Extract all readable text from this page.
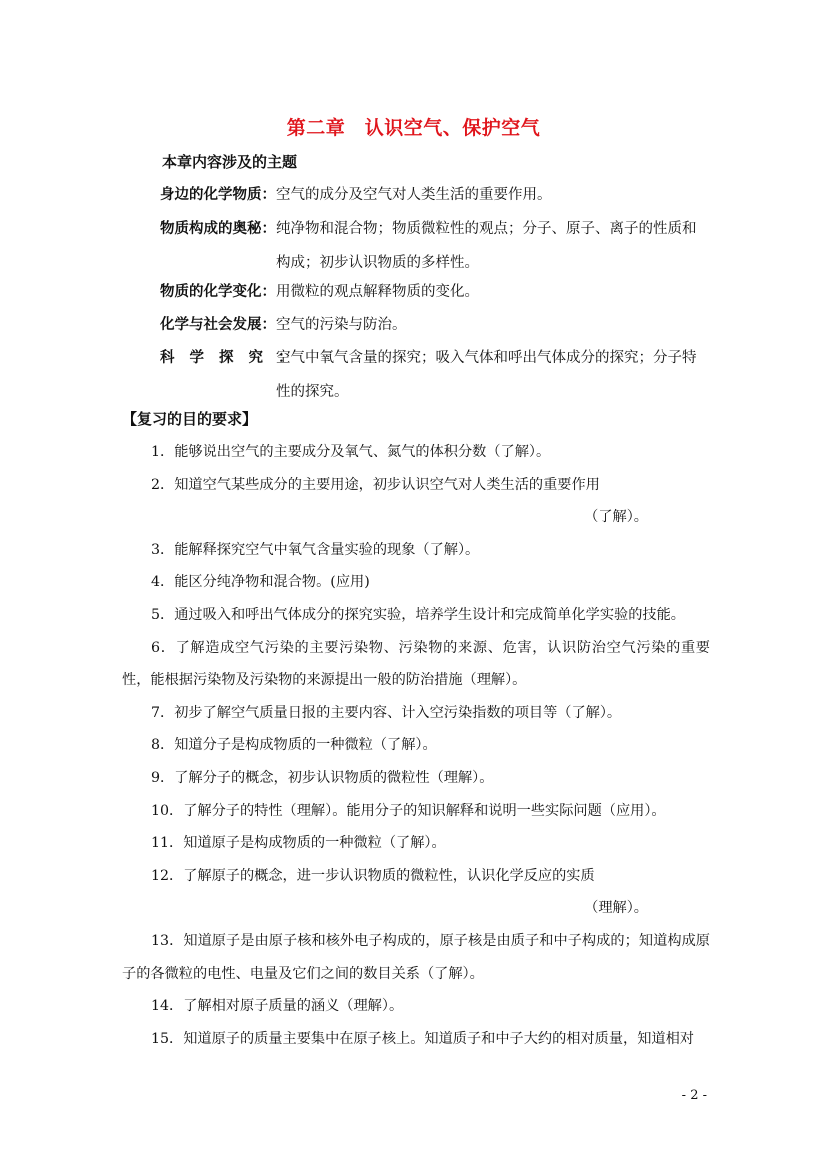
第二章　认识空气、保护空气
本章内容涉及的主题
身边的化学物质： 空气的成分及空气对人类生活的重要作用。
物质构成的奥秘： 纯净物和混合物；物质微粒性的观点；分子、原子、离子的性质和构成；初步认识物质的多样性。
物质的化学变化： 用微粒的观点解释物质的变化。
化学与社会发展： 空气的污染与防治。
科学探究：
空气中氧气含量的探究；吸入气体和呼出气体成分的探究；分子特性的探究。
【复习的目的要求】

1．能够说出空气的主要成分及氧气、氮气的体积分数（了解）。

2．知道空气某些成分的主要用途，初步认识空气对人类生活的重要作用
（了解）。

3．能解释探究空气中氧气含量实验的现象（了解）。

4．能区分纯净物和混合物。(应用)

5．通过吸入和呼出气体成分的探究实验，培养学生设计和完成简单化学实验的技能。

6．了解造成空气污染的主要污染物、污染物的来源、危害，认识防治空气污染的重要性，能根据污染物及污染物的来源提出一般的防治措施（理解）。

7．初步了解空气质量日报的主要内容、计入空污染指数的项目等（了解）。

8．知道分子是构成物质的一种微粒（了解）。

9．了解分子的概念，初步认识物质的微粒性（理解）。

10．了解分子的特性（理解）。能用分子的知识解释和说明一些实际问题（应用）。

11．知道原子是构成物质的一种微粒（了解）。

12．了解原子的概念，进一步认识物质的微粒性，认识化学反应的实质
（理解）。

13．知道原子是由原子核和核外电子构成的，原子核是由质子和中子构成的；知道构成原子的各微粒的电性、电量及它们之间的数目关系（了解）。

14．了解相对原子质量的涵义（理解）。

15．知道原子的质量主要集中在原子核上。知道质子和中子大约的相对质量，知道相对

- 2 -
